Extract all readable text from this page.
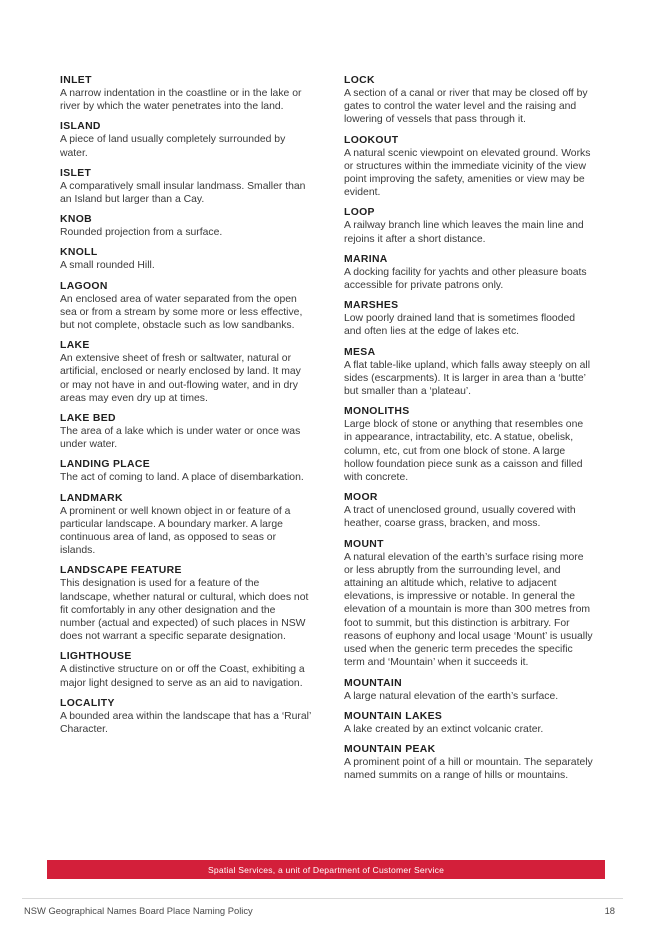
INLET

A narrow indentation in the coastline or in the lake or river by which the water penetrates into the land.

ISLAND

A piece of land usually completely surrounded by water.

ISLET

A comparatively small insular landmass. Smaller than an Island but larger than a Cay.

KNOB

Rounded projection from a surface.

KNOLL

A small rounded Hill.

LAGOON

An enclosed area of water separated from the open sea or from a stream by some more or less effective, but not complete, obstacle such as low sandbanks.

LAKE

An extensive sheet of fresh or saltwater, natural or artificial, enclosed or nearly enclosed by land. It may or may not have in and out-flowing water, and in dry areas may even dry up at times.

LAKE BED

The area of a lake which is under water or once was under water.

LANDING PLACE

The act of coming to land. A place of disembarkation.

LANDMARK

A prominent or well known object in or feature of a particular landscape. A boundary marker. A large continuous area of land, as opposed to seas or islands.

LANDSCAPE FEATURE

This designation is used for a feature of the landscape, whether natural or cultural, which does not fit comfortably in any other designation and the number (actual and expected) of such places in NSW does not warrant a specific separate designation.

LIGHTHOUSE

A distinctive structure on or off the Coast, exhibiting a major light designed to serve as an aid to navigation.

LOCALITY

A bounded area within the landscape that has a ‘Rural’ Character.

LOCK

A section of a canal or river that may be closed off by gates to control the water level and the raising and lowering of vessels that pass through it.

LOOKOUT

A natural scenic viewpoint on elevated ground. Works or structures within the immediate vicinity of the view point improving the safety, amenities or view may be evident.

LOOP

A railway branch line which leaves the main line and rejoins it after a short distance.

MARINA

A docking facility for yachts and other pleasure boats accessible for private patrons only.

MARSHES

Low poorly drained land that is sometimes flooded and often lies at the edge of lakes etc.

MESA

A flat table-like upland, which falls away steeply on all sides (escarpments). It is larger in area than a ‘butte’ but smaller than a ‘plateau’.

MONOLITHS

Large block of stone or anything that resembles one in appearance, intractability, etc. A statue, obelisk, column, etc, cut from one block of stone. A large hollow foundation piece sunk as a caisson and filled with concrete.

MOOR

A tract of unenclosed ground, usually covered with heather, coarse grass, bracken, and moss.

MOUNT

A natural elevation of the earth’s surface rising more or less abruptly from the surrounding level, and attaining an altitude which, relative to adjacent elevations, is impressive or notable. In general the elevation of a mountain is more than 300 metres from foot to summit, but this distinction is arbitrary. For reasons of euphony and local usage ‘Mount’ is usually used when the generic term precedes the specific term and ‘Mountain’ when it succeeds it.

MOUNTAIN

A large natural elevation of the earth’s surface.

MOUNTAIN LAKES

A lake created by an extinct volcanic crater.

MOUNTAIN PEAK

A prominent point of a hill or mountain. The separately named summits on a range of hills or mountains.

Spatial Services, a unit of Department of Customer Service
NSW Geographical Names Board Place Naming Policy	18
